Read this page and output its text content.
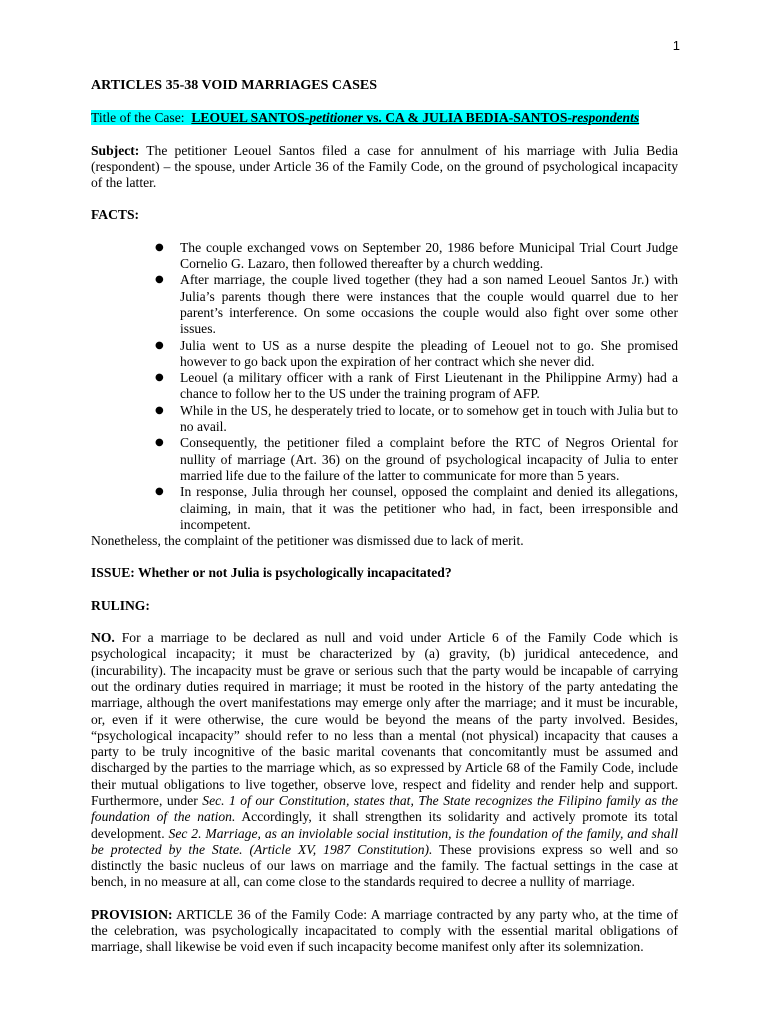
1

ARTICLES 35-38 VOID MARRIAGES CASES

Title of the Case: LEOUEL SANTOS-petitioner vs. CA & JULIA BEDIA-SANTOS-respondents

Subject: The petitioner Leouel Santos filed a case for annulment of his marriage with Julia Bedia (respondent) – the spouse, under Article 36 of the Family Code, on the ground of psychological incapacity of the latter.

FACTS:

● The couple exchanged vows on September 20, 1986 before Municipal Trial Court Judge Cornelio G. Lazaro, then followed thereafter by a church wedding.
● After marriage, the couple lived together (they had a son named Leouel Santos Jr.) with Julia’s parents though there were instances that the couple would quarrel due to her parent’s interference. On some occasions the couple would also fight over some other issues.
● Julia went to US as a nurse despite the pleading of Leouel not to go. She promised however to go back upon the expiration of her contract which she never did.
● Leouel (a military officer with a rank of First Lieutenant in the Philippine Army) had a chance to follow her to the US under the training program of AFP.
● While in the US, he desperately tried to locate, or to somehow get in touch with Julia but to no avail.
● Consequently, the petitioner filed a complaint before the RTC of Negros Oriental for nullity of marriage (Art. 36) on the ground of psychological incapacity of Julia to enter married life due to the failure of the latter to communicate for more than 5 years.
● In response, Julia through her counsel, opposed the complaint and denied its allegations, claiming, in main, that it was the petitioner who had, in fact, been irresponsible and incompetent.

Nonetheless, the complaint of the petitioner was dismissed due to lack of merit.

ISSUE: Whether or not Julia is psychologically incapacitated?

RULING:

NO. For a marriage to be declared as null and void under Article 6 of the Family Code which is psychological incapacity; it must be characterized by (a) gravity, (b) juridical antecedence, and (incurability). The incapacity must be grave or serious such that the party would be incapable of carrying out the ordinary duties required in marriage; it must be rooted in the history of the party antedating the marriage, although the overt manifestations may emerge only after the marriage; and it must be incurable, or, even if it were otherwise, the cure would be beyond the means of the party involved. Besides, “psychological incapacity” should refer to no less than a mental (not physical) incapacity that causes a party to be truly incognitive of the basic marital covenants that concomitantly must be assumed and discharged by the parties to the marriage which, as so expressed by Article 68 of the Family Code, include their mutual obligations to live together, observe love, respect and fidelity and render help and support. Furthermore, under Sec. 1 of our Constitution, states that, The State recognizes the Filipino family as the foundation of the nation. Accordingly, it shall strengthen its solidarity and actively promote its total development. Sec 2. Marriage, as an inviolable social institution, is the foundation of the family, and shall be protected by the State. (Article XV, 1987 Constitution). These provisions express so well and so distinctly the basic nucleus of our laws on marriage and the family. The factual settings in the case at bench, in no measure at all, can come close to the standards required to decree a nullity of marriage.

PROVISION: ARTICLE 36 of the Family Code: A marriage contracted by any party who, at the time of the celebration, was psychologically incapacitated to comply with the essential marital obligations of marriage, shall likewise be void even if such incapacity become manifest only after its solemnization.
